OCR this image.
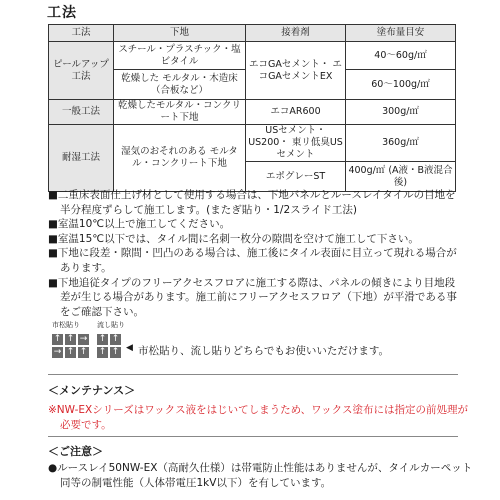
工法
工法	下地	接着剤	塗布量目安
ピールアップ工法	スチール・プラスチック・塩ビタイル	エコGAセメント・ エコGAセメントEX	40〜60g/㎡
	乾燥した モルタル・木造床（合板など）		60〜100g/㎡
一般工法	乾燥したモルタル・コンクリート下地	エコAR600	300g/㎡
耐湿工法	湿気のおそれのある モルタル・コンクリート下地	USセメント・US200・ 東リ低臭USセメント	360g/㎡
		エポグレーST	400g/㎡ (A液・B液混合後)
■二重床表面仕上げ材として使用する場合は、下地パネルとルースレイタイルの目地を半分程度ずらして施工します。(またぎ貼り・1/2スライド工法)
■室温10℃以上で施工してください。
■室温15℃以下では、タイル間に名刺一枚分の隙間を空けて施工して下さい。
■下地に段差・隙間・凹凸のある場合は、施工後にタイル表面に目立って現れる場合があります。
■下地追従タイプのフリーアクセスフロアに施工する際は、パネルの傾きにより目地段差が生じる場合があります。施工前にフリーアクセスフロア（下地）が平滑である事をご確認下さい。
市松貼り 流し貼り
↑ ↑ →
→ ↑ ↑
↑ ↑
↑ ↑ ◀ 市松貼り、流し貼りどちらでもお使いいただけます。
＜メンテナンス＞
※NW-EXシリーズはワックス液をはじいてしまうため、ワックス塗布には指定の前処理が必要です。
＜ご注意＞
●ルースレイ50NW-EX（高耐久仕様）は帯電防止性能はありませんが、タイルカーペット同等の制電性能（人体帯電圧1kV以下）を有しています。
